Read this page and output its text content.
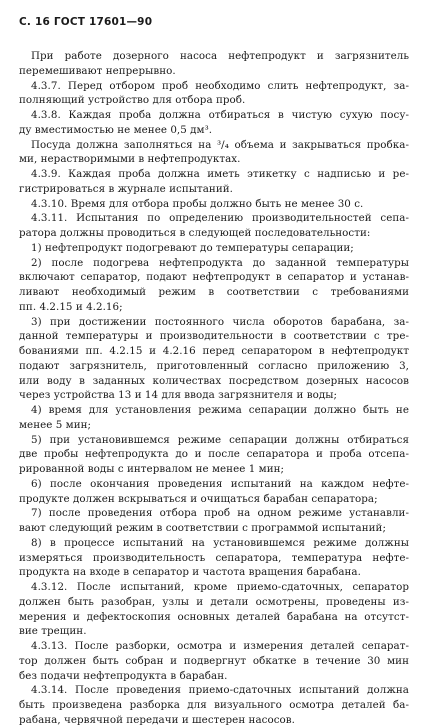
С. 16 ГОСТ 17601—90
При работе дозерного насоса нефтепродукт и загрязнитель
перемешивают непрерывно.
4.3.7. Перед отбором проб необходимо слить нефтепродукт, за-
полняющий устройство для отбора проб.
4.3.8. Каждая проба должна отбираться в чистую сухую посу-
ду вместимостью не менее 0,5 дм³.
Посуда должна заполняться на ³/₄ объема и закрываться пробка-
ми, нерастворимыми в нефтепродуктах.
4.3.9. Каждая проба должна иметь этикетку с надписью и ре-
гистрироваться в журнале испытаний.
4.3.10. Время для отбора пробы должно быть не менее 30 с.
4.3.11. Испытания по определению производительностей сепа-
ратора должны проводиться в следующей последовательности:
1) нефтепродукт подогревают до температуры сепарации;
2) после подогрева нефтепродукта до заданной температуры
включают сепаратор, подают нефтепродукт в сепаратор и устанав-
ливают необходимый режим в соответствии с требованиями
пп. 4.2.15 и 4.2.16;
3) при достижении постоянного числа оборотов барабана, за-
данной температуры и производительности в соответствии с тре-
бованиями пп. 4.2.15 и 4.2.16 перед сепаратором в нефтепродукт
подают загрязнитель, приготовленный согласно приложению 3,
или воду в заданных количествах посредством дозерных насосов
через устройства 13 и 14 для ввода загрязнителя и воды;
4) время для установления режима сепарации должно быть не
менее 5 мин;
5) при установившемся режиме сепарации должны отбираться
две пробы нефтепродукта до и после сепаратора и проба отсепа-
рированной воды с интервалом не менее 1 мин;
6) после окончания проведения испытаний на каждом нефте-
продукте должен вскрываться и очищаться барабан сепаратора;
7) после проведения отбора проб на одном режиме устанавли-
вают следующий режим в соответствии с программой испытаний;
8) в процессе испытаний на установившемся режиме должны
измеряться производительность сепаратора, температура нефте-
продукта на входе в сепаратор и частота вращения барабана.
4.3.12. После испытаний, кроме приемо-сдаточных, сепаратор
должен быть разобран, узлы и детали осмотрены, проведены из-
мерения и дефектоскопия основных деталей барабана на отсутст-
вие трещин.
4.3.13. После разборки, осмотра и измерения деталей сепарат-
тор должен быть собран и подвергнут обкатке в течение 30 мин
без подачи нефтепродукта в барабан.
4.3.14. После проведения приемо-сдаточных испытаний должна
быть произведена разборка для визуального осмотра деталей ба-
рабана, червячной передачи и шестерен насосов.
